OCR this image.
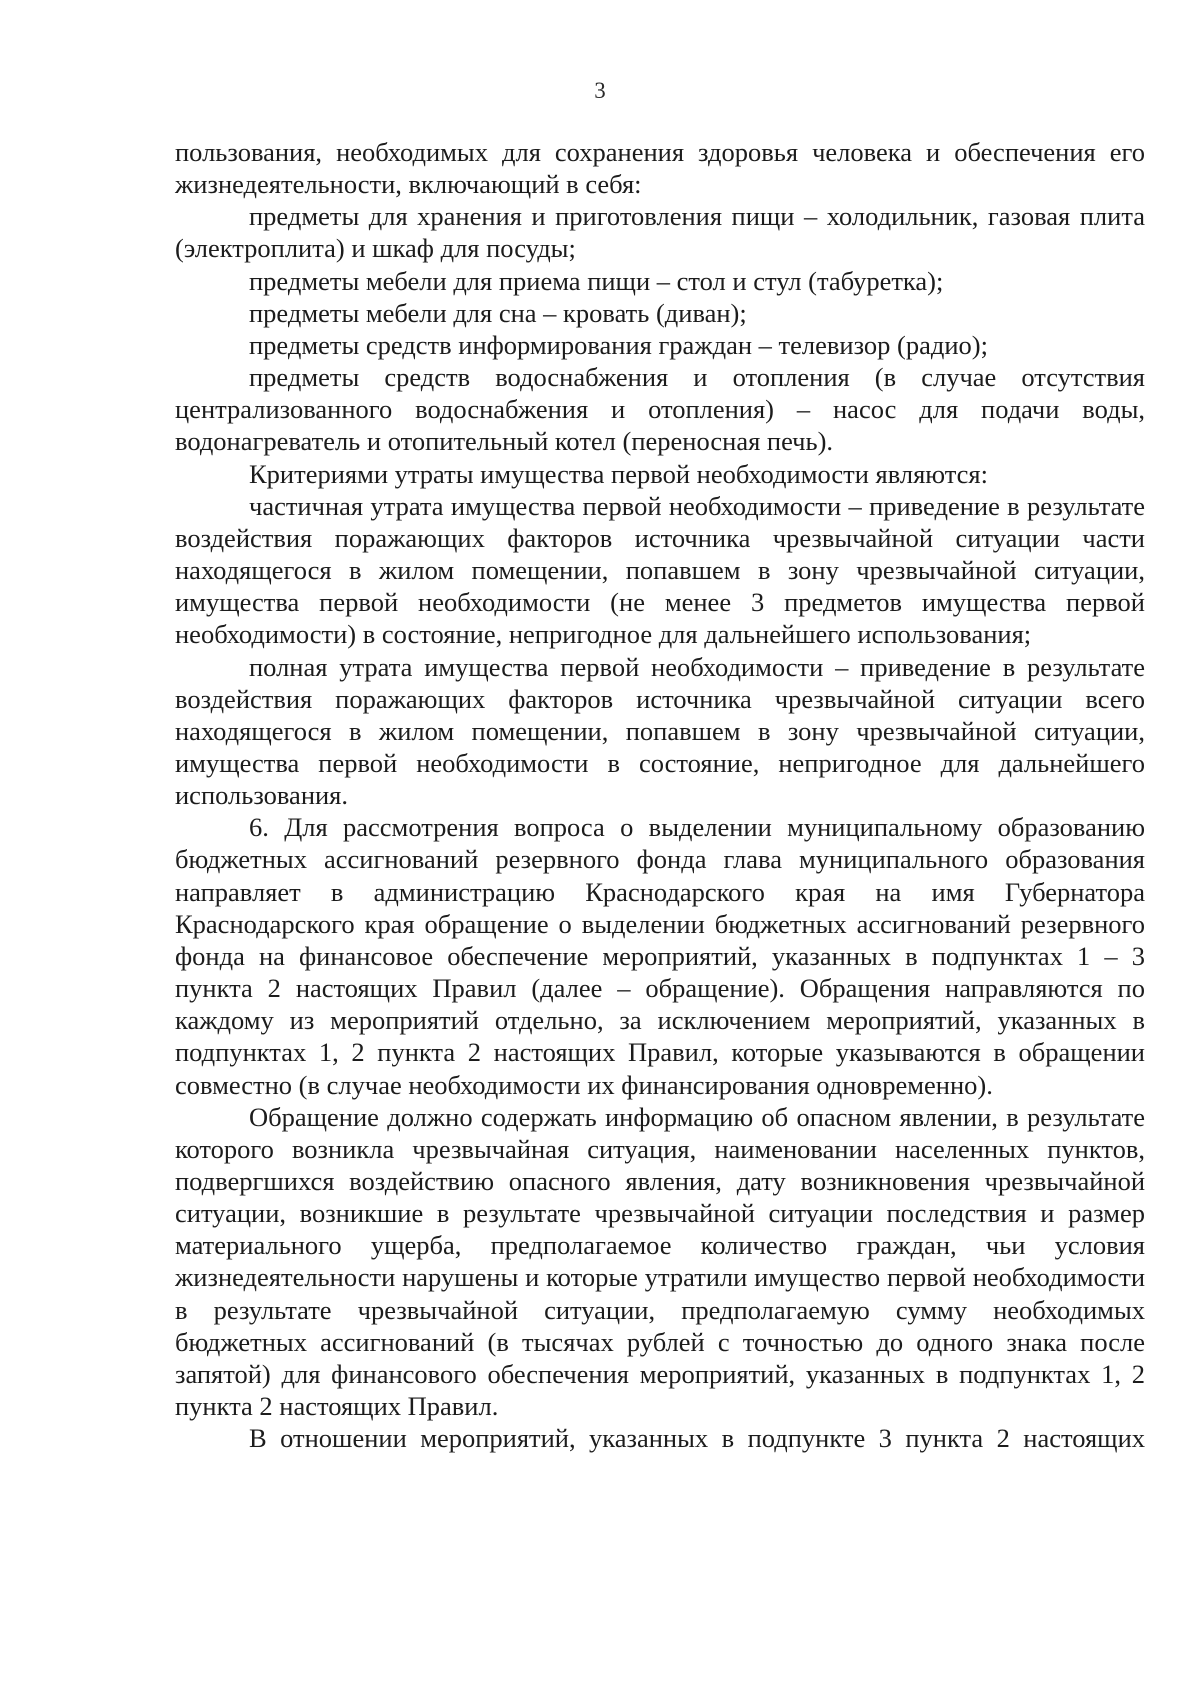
3

пользования, необходимых для сохранения здоровья человека и обеспечения его жизнедеятельности, включающий в себя:

предметы для хранения и приготовления пищи – холодильник, газовая плита (электроплита) и шкаф для посуды;

предметы мебели для приема пищи – стол и стул (табуретка);

предметы мебели для сна – кровать (диван);

предметы средств информирования граждан – телевизор (радио);

предметы средств водоснабжения и отопления (в случае отсутствия централизованного водоснабжения и отопления) – насос для подачи воды, водонагреватель и отопительный котел (переносная печь).

Критериями утраты имущества первой необходимости являются:

частичная утрата имущества первой необходимости – приведение в результате воздействия поражающих факторов источника чрезвычайной ситуации части находящегося в жилом помещении, попавшем в зону чрезвычайной ситуации, имущества первой необходимости (не менее 3 предметов имущества первой необходимости) в состояние, непригодное для дальнейшего использования;

полная утрата имущества первой необходимости – приведение в результате воздействия поражающих факторов источника чрезвычайной ситуации всего находящегося в жилом помещении, попавшем в зону чрезвычайной ситуации, имущества первой необходимости в состояние, непригодное для дальнейшего использования.

6. Для рассмотрения вопроса о выделении муниципальному образованию бюджетных ассигнований резервного фонда глава муниципального образования направляет в администрацию Краснодарского края на имя Губернатора Краснодарского края обращение о выделении бюджетных ассигнований резервного фонда на финансовое обеспечение мероприятий, указанных в подпунктах 1 – 3 пункта 2 настоящих Правил (далее – обращение). Обращения направляются по каждому из мероприятий отдельно, за исключением мероприятий, указанных в подпунктах 1, 2 пункта 2 настоящих Правил, которые указываются в обращении совместно (в случае необходимости их финансирования одновременно).

Обращение должно содержать информацию об опасном явлении, в результате которого возникла чрезвычайная ситуация, наименовании населенных пунктов, подвергшихся воздействию опасного явления, дату возникновения чрезвычайной ситуации, возникшие в результате чрезвычайной ситуации последствия и размер материального ущерба, предполагаемое количество граждан, чьи условия жизнедеятельности нарушены и которые утратили имущество первой необходимости в результате чрезвычайной ситуации, предполагаемую сумму необходимых бюджетных ассигнований (в тысячах рублей с точностью до одного знака после запятой) для финансового обеспечения мероприятий, указанных в подпунктах 1, 2 пункта 2 настоящих Правил.

В отношении мероприятий, указанных в подпункте 3 пункта 2 настоящих
